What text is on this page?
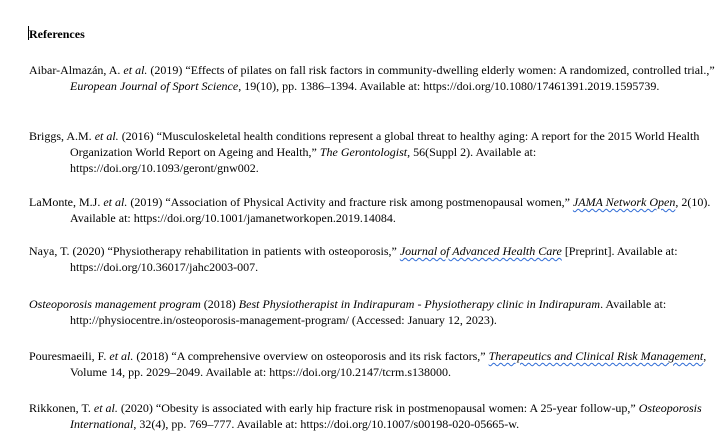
References
Aibar-Almazán, A. et al. (2019) “Effects of pilates on fall risk factors in community-dwelling elderly women: A randomized, controlled trial.,” European Journal of Sport Science, 19(10), pp. 1386–1394. Available at: https://doi.org/10.1080/17461391.2019.1595739.
Briggs, A.M. et al. (2016) “Musculoskeletal health conditions represent a global threat to healthy aging: A report for the 2015 World Health Organization World Report on Ageing and Health,” The Gerontologist, 56(Suppl 2). Available at: https://doi.org/10.1093/geront/gnw002.
LaMonte, M.J. et al. (2019) “Association of Physical Activity and fracture risk among postmenopausal women,” JAMA Network Open, 2(10). Available at: https://doi.org/10.1001/jamanetworkopen.2019.14084.
Naya, T. (2020) “Physiotherapy rehabilitation in patients with osteoporosis,” Journal of Advanced Health Care [Preprint]. Available at: https://doi.org/10.36017/jahc2003-007.
Osteoporosis management program (2018) Best Physiotherapist in Indirapuram - Physiotherapy clinic in Indirapuram. Available at: http://physiocentre.in/osteoporosis-management-program/ (Accessed: January 12, 2023).
Pouresmaeili, F. et al. (2018) “A comprehensive overview on osteoporosis and its risk factors,” Therapeutics and Clinical Risk Management, Volume 14, pp. 2029–2049. Available at: https://doi.org/10.2147/tcrm.s138000.
Rikkonen, T. et al. (2020) “Obesity is associated with early hip fracture risk in postmenopausal women: A 25-year follow-up,” Osteoporosis International, 32(4), pp. 769–777. Available at: https://doi.org/10.1007/s00198-020-05665-w.
